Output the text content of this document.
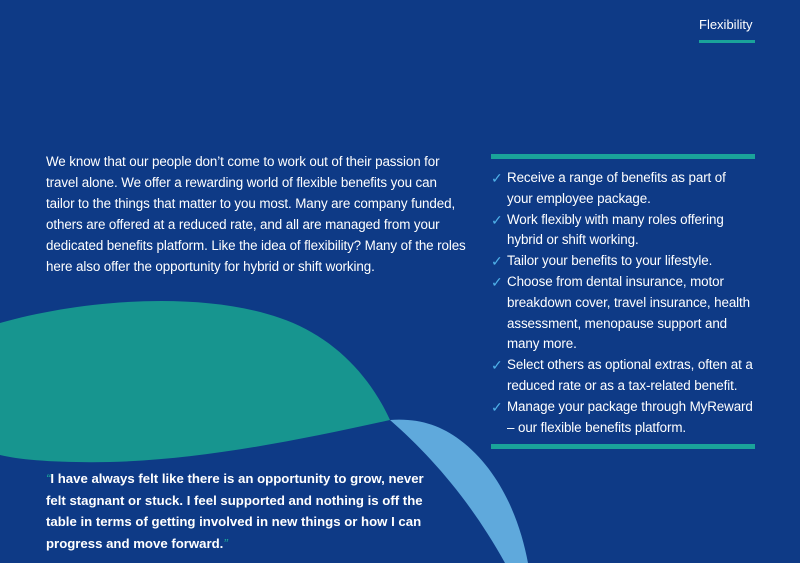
Flexibility

We know that our people don’t come to work out of their passion for travel alone. We offer a rewarding world of flexible benefits you can tailor to the things that matter to you most. Many are company funded, others are offered at a reduced rate, and all are managed from your dedicated benefits platform. Like the idea of flexibility? Many of the roles here also offer the opportunity for hybrid or shift working.

✓ Receive a range of benefits as part of your employee package.
✓ Work flexibly with many roles offering hybrid or shift working.
✓ Tailor your benefits to your lifestyle.
✓ Choose from dental insurance, motor breakdown cover, travel insurance, health assessment, menopause support and many more.
✓ Select others as optional extras, often at a reduced rate or as a tax-related benefit.
✓ Manage your package through MyReward – our flexible benefits platform.

“I have always felt like there is an opportunity to grow, never felt stagnant or stuck. I feel supported and nothing is off the table in terms of getting involved in new things or how I can progress and move forward.”
